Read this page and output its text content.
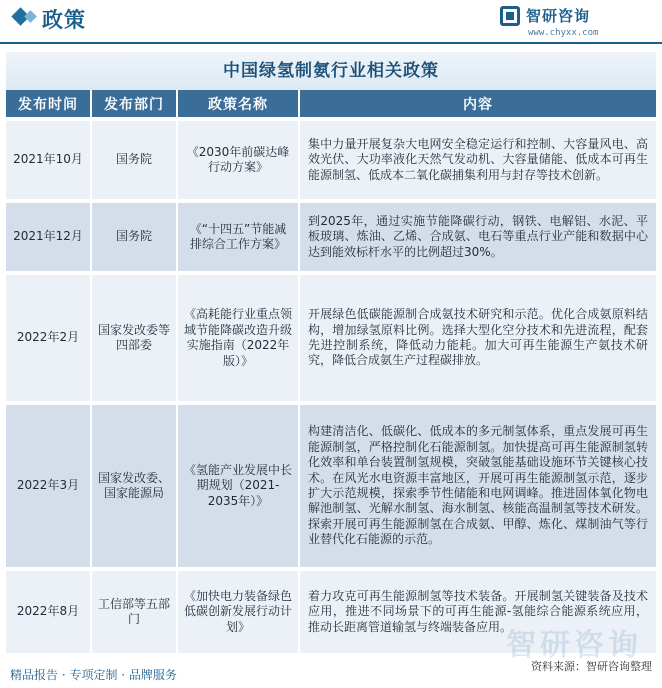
政策	智研咨询
www.chyxx.com
中国绿氢制氨行业相关政策
发布时间	发布部门	政策名称	内容
2021年10月	国务院	《2030年前碳达峰行动方案》	集中力量开展复杂大电网安全稳定运行和控制、大容量风电、高效光伏、大功率液化天然气发动机、大容量储能、低成本可再生能源制氢、低成本二氧化碳捕集利用与封存等技术创新。
2021年12月	国务院	《“十四五”节能减排综合工作方案》	到2025年，通过实施节能降碳行动，钢铁、电解铝、水泥、平板玻璃、炼油、乙烯、合成氨、电石等重点行业产能和数据中心达到能效标杆水平的比例超过30%。
2022年2月	国家发改委等四部委	《高耗能行业重点领域节能降碳改造升级实施指南（2022年版）》	开展绿色低碳能源制合成氨技术研究和示范。优化合成氨原料结构，增加绿氢原料比例。选择大型化空分技术和先进流程，配套先进控制系统，降低动力能耗。加大可再生能源生产氨技术研究，降低合成氨生产过程碳排放。
2022年3月	国家发改委、国家能源局	《氢能产业发展中长期规划（2021-2035年）》	构建清洁化、低碳化、低成本的多元制氢体系，重点发展可再生能源制氢，严格控制化石能源制氢。加快提高可再生能源制氢转化效率和单台装置制氢规模，突破氢能基础设施环节关键核心技术。在风光水电资源丰富地区，开展可再生能源制氢示范，逐步扩大示范规模，探索季节性储能和电网调峰。推进固体氧化物电解池制氢、光解水制氢、海水制氢、核能高温制氢等技术研发。探索开展可再生能源制氢在合成氨、甲醇、炼化、煤制油气等行业替代化石能源的示范。
2022年8月	工信部等五部门	《加快电力装备绿色低碳创新发展行动计划》	着力攻克可再生能源制氢等技术装备。开展制氢关键装备及技术应用，推进不同场景下的可再生能源-氢能综合能源系统应用，推动长距离管道输氢与终端装备应用。
智研咨询
精品报告 · 专项定制 · 品牌服务
资料来源：智研咨询整理
